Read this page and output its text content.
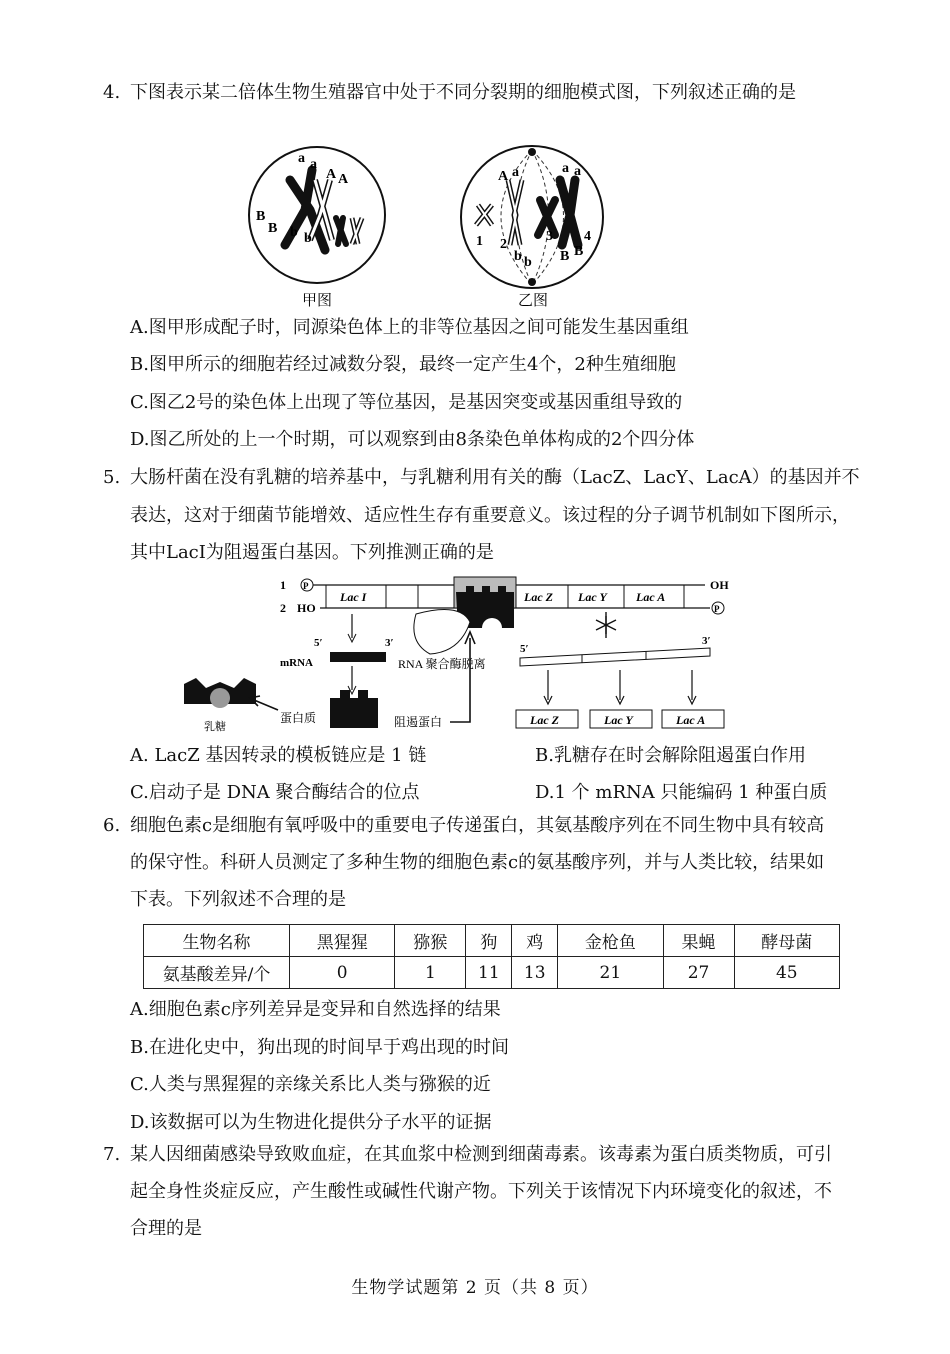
4. 下图表示某二倍体生物生殖器官中处于不同分裂期的细胞模式图，下列叙述正确的是
a a
A A
B
B b b
甲图
A a	a a
b b B B
1 2
3 4
乙图
A.图甲形成配子时，同源染色体上的非等位基因之间可能发生基因重组
B.图甲所示的细胞若经过减数分裂，最终一定产生4个，2种生殖细胞
C.图乙2号的染色体上出现了等位基因，是基因突变或基因重组导致的
D.图乙所处的上一个时期，可以观察到由8条染色单体构成的2个四分体
5. 大肠杆菌在没有乳糖的培养基中，与乳糖利用有关的酶（LacZ、LacY、LacA）的基因并不
表达，这对于细菌节能增效、适应性生存有重要意义。该过程的分子调节机制如下图所示，
其中LacI为阻遏蛋白基因。下列推测正确的是
1
2
P
HO
OH
P
Lac I	Lac Z Lac Y Lac A
5′	3′
mRNA	RNA 聚合酶脱离
蛋白质	阻遏蛋白
乳糖
5′
3′
Lac Z	Lac Y	Lac A
A. LacZ 基因转录的模板链应是 1 链	B.乳糖存在时会解除阻遏蛋白作用
C.启动子是 DNA 聚合酶结合的位点	D.1 个 mRNA 只能编码 1 种蛋白质
6. 细胞色素c是细胞有氧呼吸中的重要电子传递蛋白，其氨基酸序列在不同生物中具有较高
的保守性。科研人员测定了多种生物的细胞色素c的氨基酸序列，并与人类比较，结果如
下表。下列叙述不合理的是
生物名称	黑猩猩	猕猴	狗	鸡	金枪鱼	果蝇	酵母菌
氨基酸差异/个	0	1	11	13	21	27	45
A.细胞色素c序列差异是变异和自然选择的结果
B.在进化史中，狗出现的时间早于鸡出现的时间
C.人类与黑猩猩的亲缘关系比人类与猕猴的近
D.该数据可以为生物进化提供分子水平的证据
7. 某人因细菌感染导致败血症，在其血浆中检测到细菌毒素。该毒素为蛋白质类物质，可引
起全身性炎症反应，产生酸性或碱性代谢产物。下列关于该情况下内环境变化的叙述，不
合理的是
生物学试题第 2 页（共 8 页）
